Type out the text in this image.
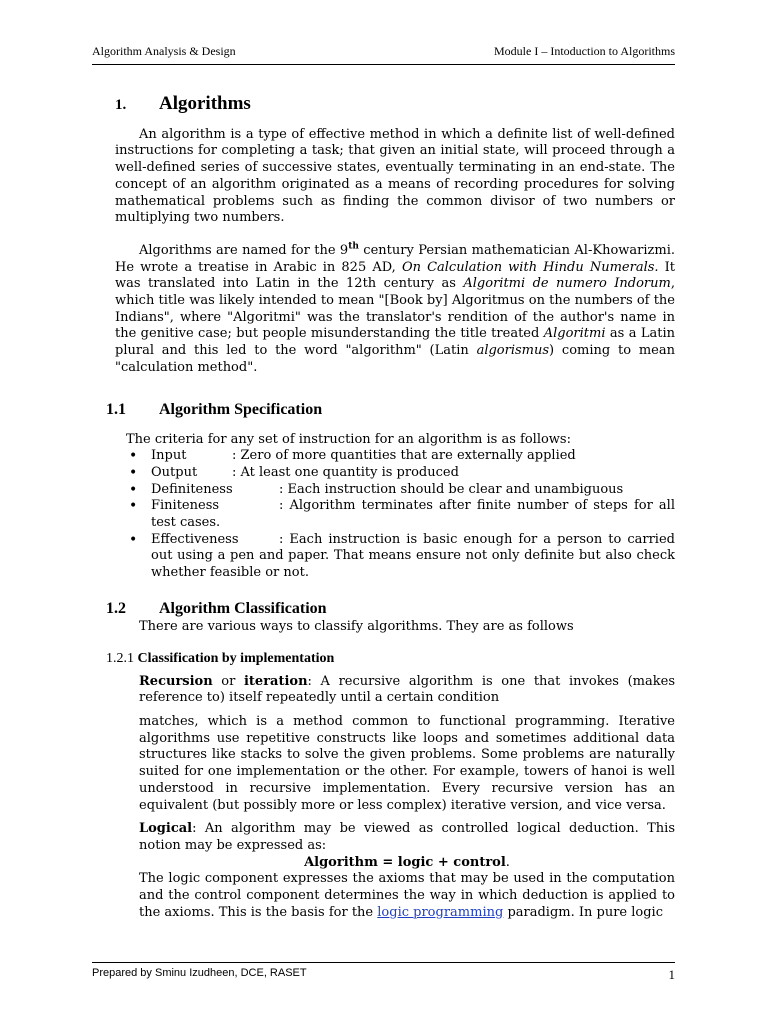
Algorithm Analysis & Design	Module I – Intoduction to Algorithms
1.	Algorithms

An algorithm is a type of effective method in which a definite list of well-defined instructions for completing a task; that given an initial state, will proceed through a well-defined series of successive states, eventually terminating in an end-state. The concept of an algorithm originated as a means of recording procedures for solving mathematical problems such as finding the common divisor of two numbers or multiplying two numbers.

Algorithms are named for the 9th century Persian mathematician Al-Khowarizmi. He wrote a treatise in Arabic in 825 AD, On Calculation with Hindu Numerals. It was translated into Latin in the 12th century as Algoritmi de numero Indorum, which title was likely intended to mean "[Book by] Algoritmus on the numbers of the Indians", where "Algoritmi" was the translator's rendition of the author's name in the genitive case; but people misunderstanding the title treated Algoritmi as a Latin plural and this led to the word "algorithm" (Latin algorismus) coming to mean "calculation method".

1.1	Algorithm Specification

The criteria for any set of instruction for an algorithm is as follows:

• Input	: Zero of more quantities that are externally applied
• Output	: At least one quantity is produced
• Definiteness	: Each instruction should be clear and unambiguous
• Finiteness	: Algorithm terminates after finite number of steps for all test cases.
• Effectiveness	: Each instruction is basic enough for a person to carried out using a pen and paper. That means ensure not only definite but also check whether feasible or not.
1.2	Algorithm Classification

There are various ways to classify algorithms. They are as follows

1.2.1 Classification by implementation

Recursion or iteration: A recursive algorithm is one that invokes (makes reference to) itself repeatedly until a certain condition

matches, which is a method common to functional programming. Iterative algorithms use repetitive constructs like loops and sometimes additional data structures like stacks to solve the given problems. Some problems are naturally suited for one implementation or the other. For example, towers of hanoi is well understood in recursive implementation. Every recursive version has an equivalent (but possibly more or less complex) iterative version, and vice versa.

Logical: An algorithm may be viewed as controlled logical deduction. This notion may be expressed as:

Algorithm = logic + control.

The logic component expresses the axioms that may be used in the computation and the control component determines the way in which deduction is applied to the axioms. This is the basis for the logic programming paradigm. In pure logic

Prepared by Sminu Izudheen, DCE, RASET	1
